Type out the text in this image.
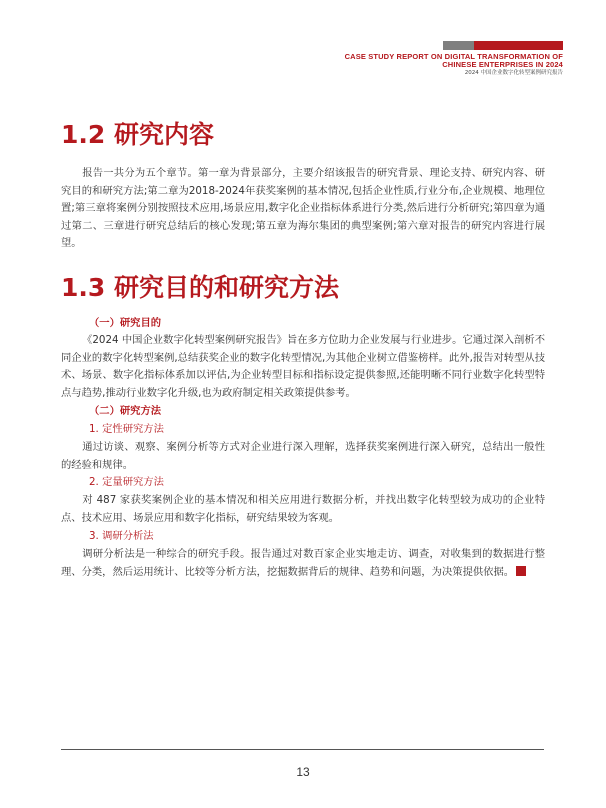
CASE STUDY REPORT ON DIGITAL TRANSFORMATION OF
CHINESE ENTERPRISES IN 2024
2024 中国企业数字化转型案例研究报告
1.2 研究内容

报告一共分为五个章节。第一章为背景部分，主要介绍该报告的研究背景、理论支持、研究内容、研究目的和研究方法;第二章为2018-2024年获奖案例的基本情况,包括企业性质,行业分布,企业规模、地理位置;第三章将案例分别按照技术应用,场景应用,数字化企业指标体系进行分类,然后进行分析研究;第四章为通过第二、三章进行研究总结后的核心发现;第五章为海尔集团的典型案例;第六章对报告的研究内容进行展望。

1.3 研究目的和研究方法

（一）研究目的

《2024 中国企业数字化转型案例研究报告》旨在多方位助力企业发展与行业进步。它通过深入剖析不同企业的数字化转型案例,总结获奖企业的数字化转型情况,为其他企业树立借鉴榜样。此外,报告对转型从技术、场景、数字化指标体系加以评估,为企业转型目标和指标设定提供参照,还能明晰不同行业数字化转型特点与趋势,推动行业数字化升级,也为政府制定相关政策提供参考。

（二）研究方法

1. 定性研究方法

通过访谈、观察、案例分析等方式对企业进行深入理解，选择获奖案例进行深入研究，总结出一般性的经验和规律。

2. 定量研究方法

对 487 家获奖案例企业的基本情况和相关应用进行数据分析，并找出数字化转型较为成功的企业特点、技术应用、场景应用和数字化指标，研究结果较为客观。

3. 调研分析法

调研分析法是一种综合的研究手段。报告通过对数百家企业实地走访、调查，对收集到的数据进行整理、分类，然后运用统计、比较等分析方法，挖掘数据背后的规律、趋势和问题，为决策提供依据。

13
